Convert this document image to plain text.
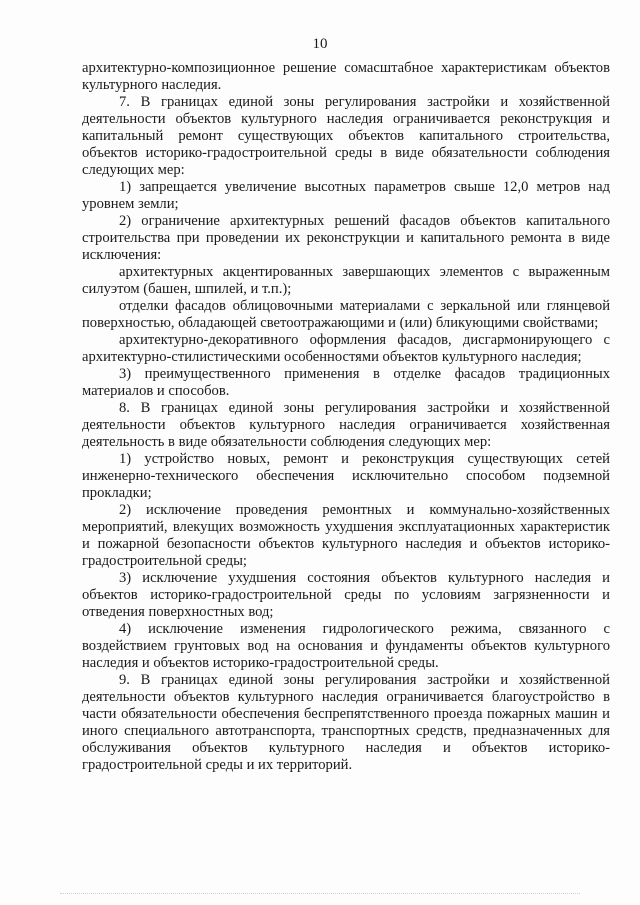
10

архитектурно-композиционное решение сомасштабное характеристикам объектов культурного наследия.

7. В границах единой зоны регулирования застройки и хозяйственной деятельности объектов культурного наследия ограничивается реконструкция и капитальный ремонт существующих объектов капитального строительства, объектов историко-градостроительной среды в виде обязательности соблюдения следующих мер:

1) запрещается увеличение высотных параметров свыше 12,0 метров над уровнем земли;

2) ограничение архитектурных решений фасадов объектов капитального строительства при проведении их реконструкции и капитального ремонта в виде исключения:

архитектурных акцентированных завершающих элементов с выраженным силуэтом (башен, шпилей, и т.п.);

отделки фасадов облицовочными материалами с зеркальной или глянцевой поверхностью, обладающей светоотражающими и (или) бликующими свойствами;

архитектурно-декоративного оформления фасадов, дисгармонирующего с архитектурно-стилистическими особенностями объектов культурного наследия;

3) преимущественного применения в отделке фасадов традиционных материалов и способов.

8. В границах единой зоны регулирования застройки и хозяйственной деятельности объектов культурного наследия ограничивается хозяйственная деятельность в виде обязательности соблюдения следующих мер:

1) устройство новых, ремонт и реконструкция существующих сетей инженерно-технического обеспечения исключительно способом подземной прокладки;

2) исключение проведения ремонтных и коммунально-хозяйственных мероприятий, влекущих возможность ухудшения эксплуатационных характеристик и пожарной безопасности объектов культурного наследия и объектов историко-градостроительной среды;

3) исключение ухудшения состояния объектов культурного наследия и объектов историко-градостроительной среды по условиям загрязненности и отведения поверхностных вод;

4) исключение изменения гидрологического режима, связанного с воздействием грунтовых вод на основания и фундаменты объектов культурного наследия и объектов историко-градостроительной среды.

9. В границах единой зоны регулирования застройки и хозяйственной деятельности объектов культурного наследия ограничивается благоустройство в части обязательности обеспечения беспрепятственного проезда пожарных машин и иного специального автотранспорта, транспортных средств, предназначенных для обслуживания объектов культурного наследия и объектов историко-градостроительной среды и их территорий.
